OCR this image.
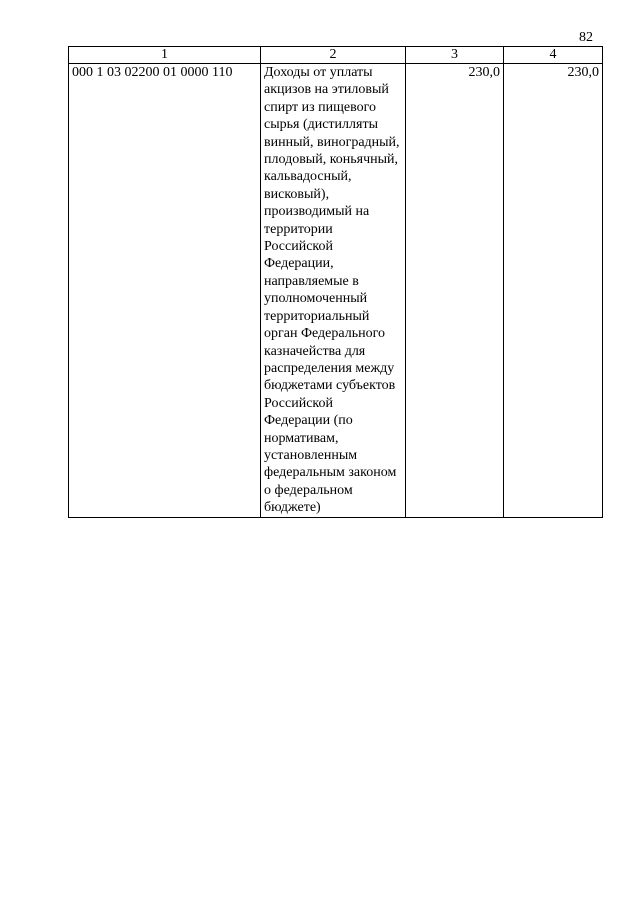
82
1	2	3	4
000 1 03 02200 01 0000 110	Доходы от уплаты акцизов на этиловый спирт из пищевого сырья (дистилляты винный, виноградный, плодовый, коньячный, кальвадосный, висковый), производимый на территории Российской Федерации, направляемые в уполномоченный территориальный орган Федерального казначейства для распределения между бюджетами субъектов Российской Федерации (по нормативам, установленным федеральным законом о федеральном бюджете)	230,0	230,0
